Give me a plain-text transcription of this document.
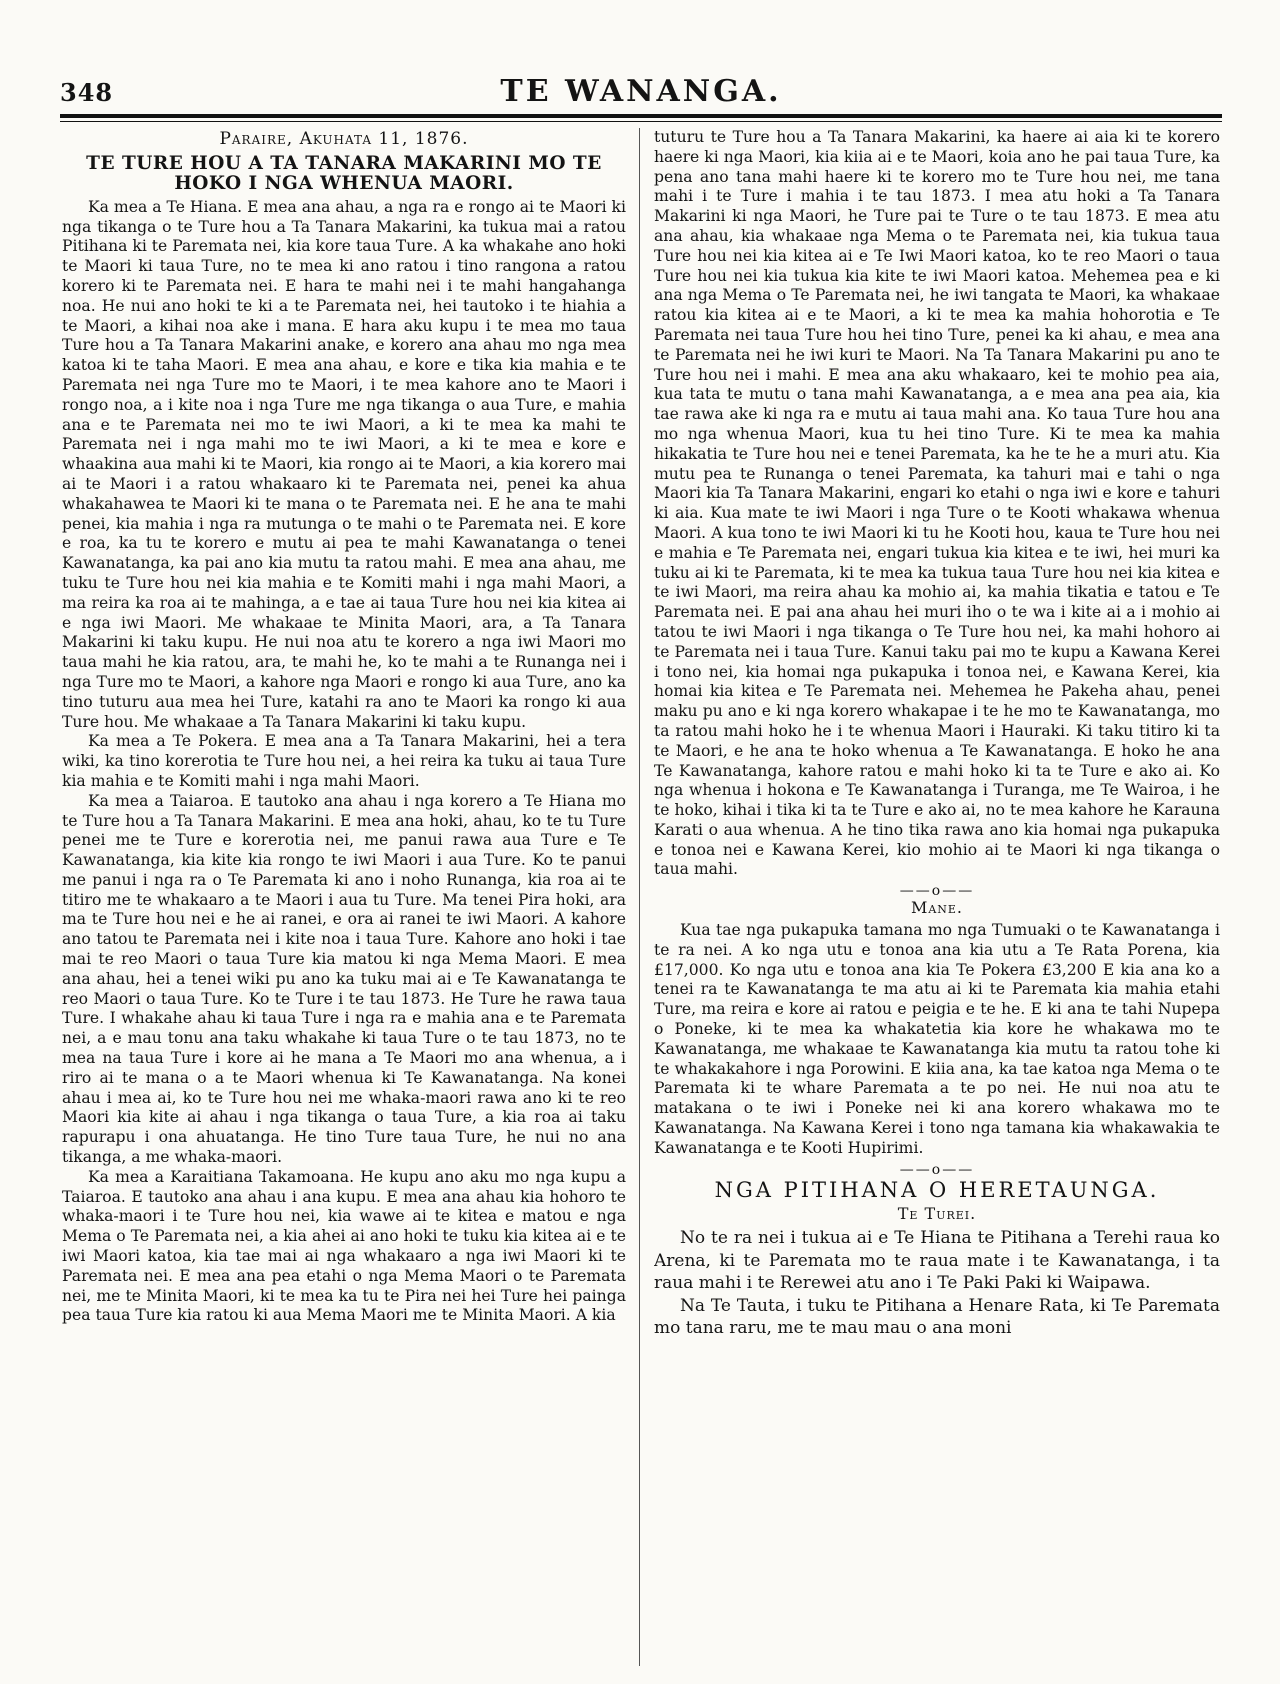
348	TE WANANGA.
Paraire, Akuhata 11, 1876.
TE TURE HOU A TA TANARA MAKARINI MO TE HOKO I NGA WHENUA MAORI.

Ka mea a Te Hiana. E mea ana ahau, a nga ra e rongo ai te Maori ki nga tikanga o te Ture hou a Ta Tanara Makarini, ka tukua mai a ratou Pitihana ki te Paremata nei, kia kore taua Ture. A ka whakahe ano hoki te Maori ki taua Ture, no te mea ki ano ratou i tino rangona a ratou korero ki te Paremata nei. E hara te mahi nei i te mahi hangahanga noa. He nui ano hoki te ki a te Paremata nei, hei tautoko i te hiahia a te Maori, a kihai noa ake i mana. E hara aku kupu i te mea mo taua Ture hou a Ta Tanara Makarini anake, e korero ana ahau mo nga mea katoa ki te taha Maori. E mea ana ahau, e kore e tika kia mahia e te Paremata nei nga Ture mo te Maori, i te mea kahore ano te Maori i rongo noa, a i kite noa i nga Ture me nga tikanga o aua Ture, e mahia ana e te Paremata nei mo te iwi Maori, a ki te mea ka mahi te Paremata nei i nga mahi mo te iwi Maori, a ki te mea e kore e whaakina aua mahi ki te Maori, kia rongo ai te Maori, a kia korero mai ai te Maori i a ratou whakaaro ki te Paremata nei, penei ka ahua whakahawea te Maori ki te mana o te Paremata nei. E he ana te mahi penei, kia mahia i nga ra mutunga o te mahi o te Paremata nei. E kore e roa, ka tu te korero e mutu ai pea te mahi Kawanatanga o tenei Kawanatanga, ka pai ano kia mutu ta ratou mahi. E mea ana ahau, me tuku te Ture hou nei kia mahia e te Komiti mahi i nga mahi Maori, a ma reira ka roa ai te mahinga, a e tae ai taua Ture hou nei kia kitea ai e nga iwi Maori. Me whakaae te Minita Maori, ara, a Ta Tanara Makarini ki taku kupu. He nui noa atu te korero a nga iwi Maori mo taua mahi he kia ratou, ara, te mahi he, ko te mahi a te Runanga nei i nga Ture mo te Maori, a kahore nga Maori e rongo ki aua Ture, ano ka tino tuturu aua mea hei Ture, katahi ra ano te Maori ka rongo ki aua Ture hou. Me whakaae a Ta Tanara Makarini ki taku kupu.

Ka mea a Te Pokera. E mea ana a Ta Tanara Makarini, hei a tera wiki, ka tino korerotia te Ture hou nei, a hei reira ka tuku ai taua Ture kia mahia e te Komiti mahi i nga mahi Maori.

Ka mea a Taiaroa. E tautoko ana ahau i nga korero a Te Hiana mo te Ture hou a Ta Tanara Makarini. E mea ana hoki, ahau, ko te tu Ture penei me te Ture e korerotia nei, me panui rawa aua Ture e Te Kawanatanga, kia kite kia rongo te iwi Maori i aua Ture. Ko te panui me panui i nga ra o Te Paremata ki ano i noho Runanga, kia roa ai te titiro me te whakaaro a te Maori i aua tu Ture. Ma tenei Pira hoki, ara ma te Ture hou nei e he ai ranei, e ora ai ranei te iwi Maori. A kahore ano tatou te Paremata nei i kite noa i taua Ture. Kahore ano hoki i tae mai te reo Maori o taua Ture kia matou ki nga Mema Maori. E mea ana ahau, hei a tenei wiki pu ano ka tuku mai ai e Te Kawanatanga te reo Maori o taua Ture. Ko te Ture i te tau 1873. He Ture he rawa taua Ture. I whakahe ahau ki taua Ture i nga ra e mahia ana e te Paremata nei, a e mau tonu ana taku whakahe ki taua Ture o te tau 1873, no te mea na taua Ture i kore ai he mana a Te Maori mo ana whenua, a i riro ai te mana o a te Maori whenua ki Te Kawanatanga. Na konei ahau i mea ai, ko te Ture hou nei me whaka-maori rawa ano ki te reo Maori kia kite ai ahau i nga tikanga o taua Ture, a kia roa ai taku rapurapu i ona ahuatanga. He tino Ture taua Ture, he nui no ana tikanga, a me whaka-maori.

Ka mea a Karaitiana Takamoana. He kupu ano aku mo nga kupu a Taiaroa. E tautoko ana ahau i ana kupu. E mea ana ahau kia hohoro te whaka-maori i te Ture hou nei, kia wawe ai te kitea e matou e nga Mema o Te Paremata nei, a kia ahei ai ano hoki te tuku kia kitea ai e te iwi Maori katoa, kia tae mai ai nga whakaaro a nga iwi Maori ki te Paremata nei. E mea ana pea etahi o nga Mema Maori o te Paremata nei, me te Minita Maori, ki te mea ka tu te Pira nei hei Ture hei painga pea taua Ture kia ratou ki aua Mema Maori me te Minita Maori. A kia

tuturu te Ture hou a Ta Tanara Makarini, ka haere ai aia ki te korero haere ki nga Maori, kia kiia ai e te Maori, koia ano he pai taua Ture, ka pena ano tana mahi haere ki te korero mo te Ture hou nei, me tana mahi i te Ture i mahia i te tau 1873. I mea atu hoki a Ta Tanara Makarini ki nga Maori, he Ture pai te Ture o te tau 1873. E mea atu ana ahau, kia whakaae nga Mema o te Paremata nei, kia tukua taua Ture hou nei kia kitea ai e Te Iwi Maori katoa, ko te reo Maori o taua Ture hou nei kia tukua kia kite te iwi Maori katoa. Mehemea pea e ki ana nga Mema o Te Paremata nei, he iwi tangata te Maori, ka whakaae ratou kia kitea ai e te Maori, a ki te mea ka mahia hohorotia e Te Paremata nei taua Ture hou hei tino Ture, penei ka ki ahau, e mea ana te Paremata nei he iwi kuri te Maori. Na Ta Tanara Makarini pu ano te Ture hou nei i mahi. E mea ana aku whakaaro, kei te mohio pea aia, kua tata te mutu o tana mahi Kawanatanga, a e mea ana pea aia, kia tae rawa ake ki nga ra e mutu ai taua mahi ana. Ko taua Ture hou ana mo nga whenua Maori, kua tu hei tino Ture. Ki te mea ka mahia hikakatia te Ture hou nei e tenei Paremata, ka he te he a muri atu. Kia mutu pea te Runanga o tenei Paremata, ka tahuri mai e tahi o nga Maori kia Ta Tanara Makarini, engari ko etahi o nga iwi e kore e tahuri ki aia. Kua mate te iwi Maori i nga Ture o te Kooti whakawa whenua Maori. A kua tono te iwi Maori ki tu he Kooti hou, kaua te Ture hou nei e mahia e Te Paremata nei, engari tukua kia kitea e te iwi, hei muri ka tuku ai ki te Paremata, ki te mea ka tukua taua Ture hou nei kia kitea e te iwi Maori, ma reira ahau ka mohio ai, ka mahia tikatia e tatou e Te Paremata nei. E pai ana ahau hei muri iho o te wa i kite ai a i mohio ai tatou te iwi Maori i nga tikanga o Te Ture hou nei, ka mahi hohoro ai te Paremata nei i taua Ture. Kanui taku pai mo te kupu a Kawana Kerei i tono nei, kia homai nga pukapuka i tonoa nei, e Kawana Kerei, kia homai kia kitea e Te Paremata nei. Mehemea he Pakeha ahau, penei maku pu ano e ki nga korero whakapae i te he mo te Kawanatanga, mo ta ratou mahi hoko he i te whenua Maori i Hauraki. Ki taku titiro ki ta te Maori, e he ana te hoko whenua a Te Kawanatanga. E hoko he ana Te Kawanatanga, kahore ratou e mahi hoko ki ta te Ture e ako ai. Ko nga whenua i hokona e Te Kawanatanga i Turanga, me Te Wairoa, i he te hoko, kihai i tika ki ta te Ture e ako ai, no te mea kahore he Karauna Karati o aua whenua. A he tino tika rawa ano kia homai nga pukapuka e tonoa nei e Kawana Kerei, kio mohio ai te Maori ki nga tikanga o taua mahi.

——o——
Mane.

Kua tae nga pukapuka tamana mo nga Tumuaki o te Kawanatanga i te ra nei. A ko nga utu e tonoa ana kia utu a Te Rata Porena, kia £17,000. Ko nga utu e tonoa ana kia Te Pokera £3,200 E kia ana ko a tenei ra te Kawanatanga te ma atu ai ki te Paremata kia mahia etahi Ture, ma reira e kore ai ratou e peigia e te he. E ki ana te tahi Nupepa o Poneke, ki te mea ka whakatetia kia kore he whakawa mo te Kawanatanga, me whakaae te Kawanatanga kia mutu ta ratou tohe ki te whakakahore i nga Porowini. E kiia ana, ka tae katoa nga Mema o te Paremata ki te whare Paremata a te po nei. He nui noa atu te matakana o te iwi i Poneke nei ki ana korero whakawa mo te Kawanatanga. Na Kawana Kerei i tono nga tamana kia whakawakia te Kawanatanga e te Kooti Hupirimi.

——o——
NGA PITIHANA O HERETAUNGA.
Te Turei.

No te ra nei i tukua ai e Te Hiana te Pitihana a Terehi raua ko Arena, ki te Paremata mo te raua mate i te Kawanatanga, i ta raua mahi i te Rerewei atu ano i Te Paki Paki ki Waipawa.

Na Te Tauta, i tuku te Pitihana a Henare Rata, ki Te Paremata mo tana raru, me te mau mau o ana moni
